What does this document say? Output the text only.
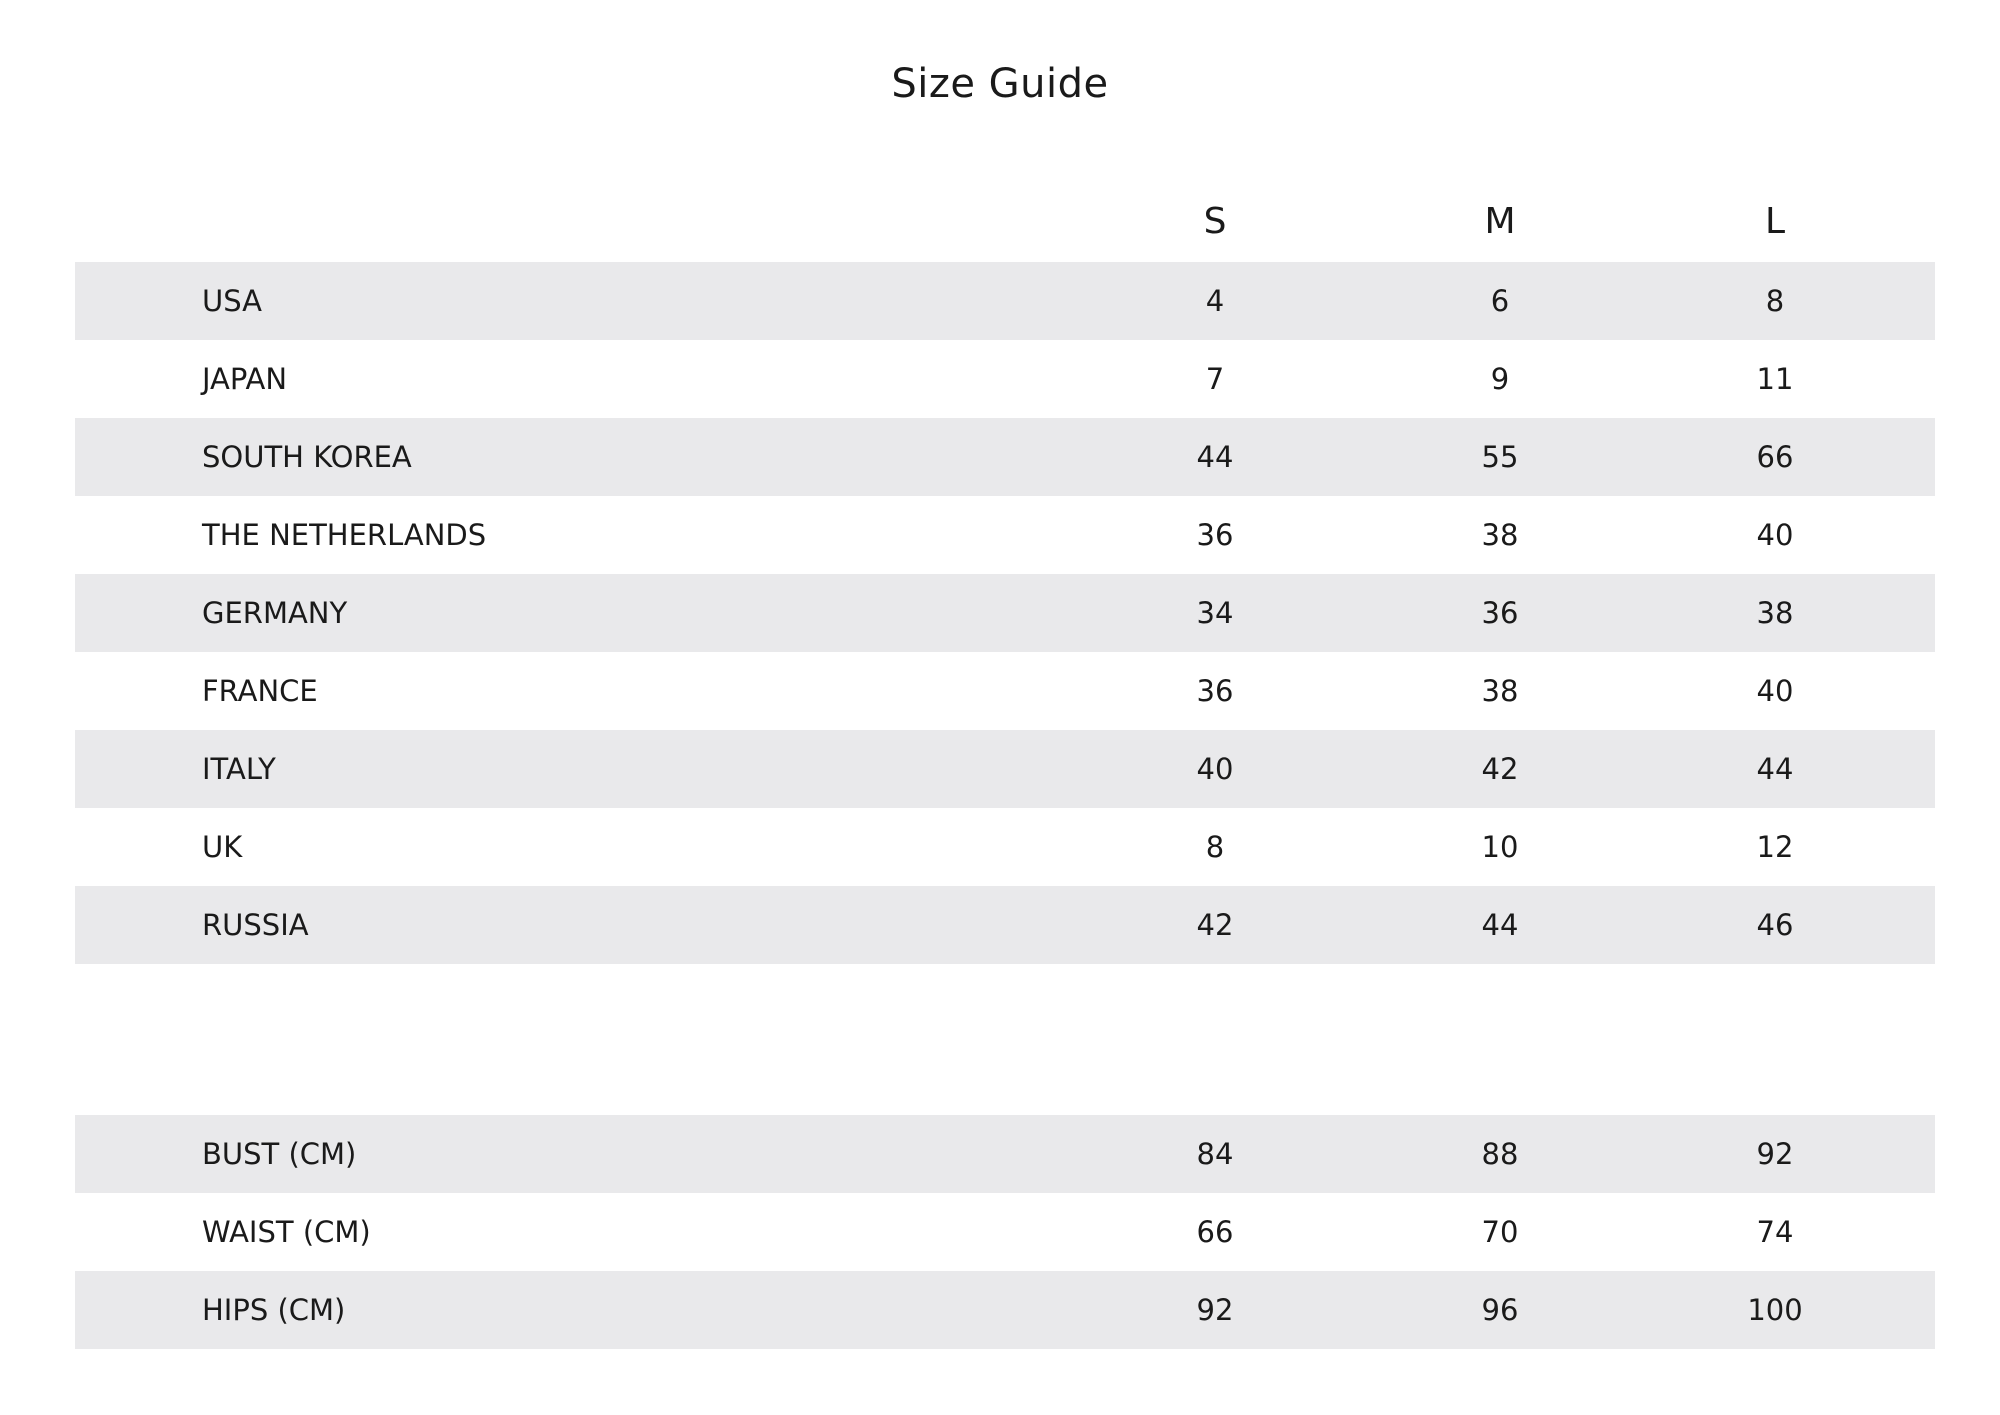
Size Guide
S	M	L
USA	4	6	8
JAPAN	7	9	11
SOUTH KOREA	44	55	66
THE NETHERLANDS	36	38	40
GERMANY	34	36	38
FRANCE	36	38	40
ITALY	40	42	44
UK	8	10	12
RUSSIA	42	44	46
BUST (CM)	84	88	92
WAIST (CM)	66	70	74
HIPS (CM)	92	96	100
